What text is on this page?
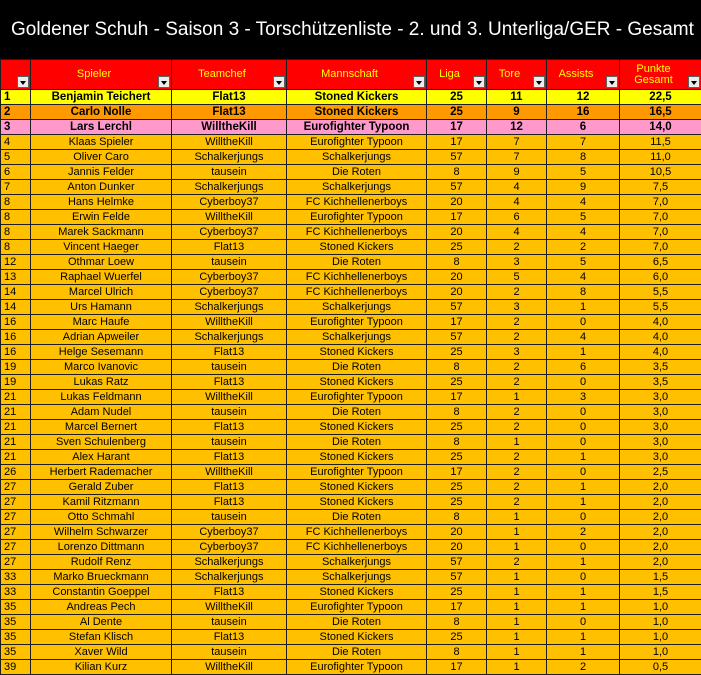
Goldener Schuh - Saison 3 - Torschützenliste - 2. und 3. Unterliga/GER - Gesamt

	Spieler	Teamchef	Mannschaft	Liga	Tore	Assists	Punkte Gesamt

1	Benjamin Teichert	Flat13	Stoned Kickers	25	11	12	22,5
2	Carlo Nolle	Flat13	Stoned Kickers	25	9	16	16,5
3	Lars Lerchl	WilltheKill	Eurofighter Typoon	17	12	6	14,0
4	Klaas Spieler	WilltheKill	Eurofighter Typoon	17	7	7	11,5
5	Oliver Caro	Schalkerjungs	Schalkerjungs	57	7	8	11,0
6	Jannis Felder	tausein	Die Roten	8	9	5	10,5
7	Anton Dunker	Schalkerjungs	Schalkerjungs	57	4	9	7,5
8	Hans Helmke	Cyberboy37	FC Kichhellenerboys	20	4	4	7,0
8	Erwin Felde	WilltheKill	Eurofighter Typoon	17	6	5	7,0
8	Marek Sackmann	Cyberboy37	FC Kichhellenerboys	20	4	4	7,0
8	Vincent Haeger	Flat13	Stoned Kickers	25	2	2	7,0
12	Othmar Loew	tausein	Die Roten	8	3	5	6,5
13	Raphael Wuerfel	Cyberboy37	FC Kichhellenerboys	20	5	4	6,0
14	Marcel Ulrich	Cyberboy37	FC Kichhellenerboys	20	2	8	5,5
14	Urs Hamann	Schalkerjungs	Schalkerjungs	57	3	1	5,5
16	Marc Haufe	WilltheKill	Eurofighter Typoon	17	2	0	4,0
16	Adrian Apweiler	Schalkerjungs	Schalkerjungs	57	2	4	4,0
16	Helge Sesemann	Flat13	Stoned Kickers	25	3	1	4,0
19	Marco Ivanovic	tausein	Die Roten	8	2	6	3,5
19	Lukas Ratz	Flat13	Stoned Kickers	25	2	0	3,5
21	Lukas Feldmann	WilltheKill	Eurofighter Typoon	17	1	3	3,0
21	Adam Nudel	tausein	Die Roten	8	2	0	3,0
21	Marcel Bernert	Flat13	Stoned Kickers	25	2	0	3,0
21	Sven Schulenberg	tausein	Die Roten	8	1	0	3,0
21	Alex Harant	Flat13	Stoned Kickers	25	2	1	3,0
26	Herbert Rademacher	WilltheKill	Eurofighter Typoon	17	2	0	2,5
27	Gerald Zuber	Flat13	Stoned Kickers	25	2	1	2,0
27	Kamil Ritzmann	Flat13	Stoned Kickers	25	2	1	2,0
27	Otto Schmahl	tausein	Die Roten	8	1	0	2,0
27	Wilhelm Schwarzer	Cyberboy37	FC Kichhellenerboys	20	1	2	2,0
27	Lorenzo Dittmann	Cyberboy37	FC Kichhellenerboys	20	1	0	2,0
27	Rudolf Renz	Schalkerjungs	Schalkerjungs	57	2	1	2,0
33	Marko Brueckmann	Schalkerjungs	Schalkerjungs	57	1	0	1,5
33	Constantin Goeppel	Flat13	Stoned Kickers	25	1	1	1,5
35	Andreas Pech	WilltheKill	Eurofighter Typoon	17	1	1	1,0
35	Al Dente	tausein	Die Roten	8	1	0	1,0
35	Stefan Klisch	Flat13	Stoned Kickers	25	1	1	1,0
35	Xaver Wild	tausein	Die Roten	8	1	1	1,0
39	Kilian Kurz	WilltheKill	Eurofighter Typoon	17	1	2	0,5
